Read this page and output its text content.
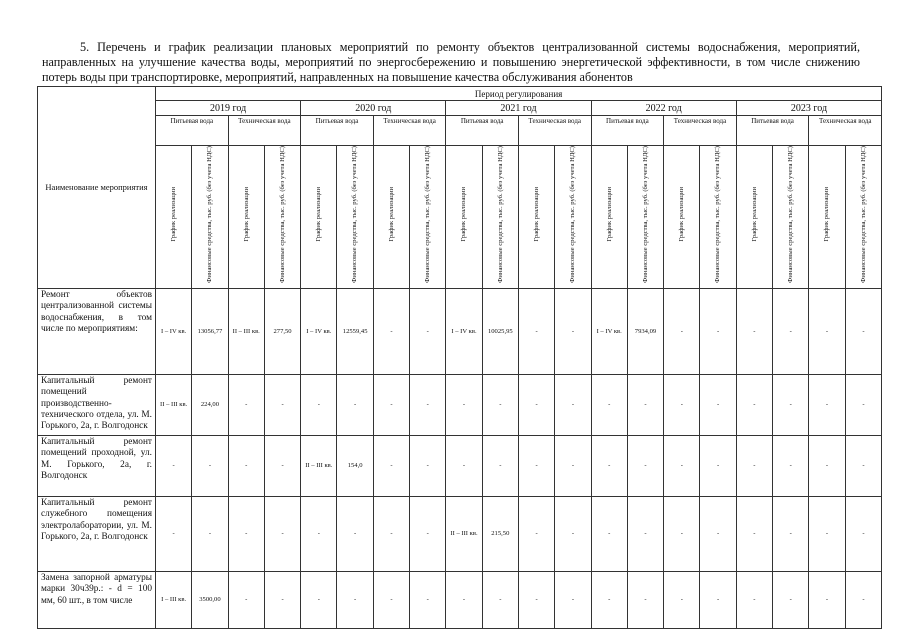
5. Перечень и график реализации плановых мероприятий по ремонту объектов централизованной системы водоснабжения, мероприятий, направленных на улучшение качества воды, мероприятий по энергосбережению и повышению энергетической эффективности, в том числе снижению потерь воды при транспортировке, мероприятий, направленных на повышение качества обслуживания абонентов
Наименование мероприятия	Период регулирования																			
	2019 год				2020 год				2021 год				2022 год				2023 год			
	Питьевая вода		Техническая вода		Питьевая вода		Техническая вода		Питьевая вода		Техническая вода		Питьевая вода		Техническая вода		Питьевая вода		Техническая вода	
	График реализации	Финансовые средства, тыс. руб. (без учета НДС)	График реализации	Финансовые средства, тыс. руб. (без учета НДС)	График реализации	Финансовые средства, тыс. руб. (без учета НДС)	График реализации	Финансовые средства, тыс. руб. (без учета НДС)	График реализации	Финансовые средства, тыс. руб. (без учета НДС)	График реализации	Финансовые средства, тыс. руб. (без учета НДС)	График реализации	Финансовые средства, тыс. руб. (без учета НДС)	График реализации	Финансовые средства, тыс. руб. (без учета НДС)	График реализации	Финансовые средства, тыс. руб. (без учета НДС)	График реализации	Финансовые средства, тыс. руб. (без учета НДС)
Ремонт объектов централизованной системы водоснабжения, в том числе по мероприятиям:	I – IV кв.	13056,77	II – III кв.	277,50	I – IV кв.	12559,45	-	-	I – IV кв.	10025,95	-	-	I – IV кв.	7934,09	-	-	-	-	-	-
Капитальный ремонт помещений производственно-технического отдела, ул. М. Горького, 2а, г. Волгодонск	II – III кв.	224,00	-	-	-	-	-	-	-	-	-	-	-	-	-	-	-	-	-	-
Капитальный ремонт помещений проходной, ул. М. Горького, 2а, г. Волгодонск	-	-	-	-	II – III кв.	154,0	-	-	-	-	-	-	-	-	-	-	-	-	-	-
Капитальный ремонт служебного помещения электролаборатории, ул. М. Горького, 2а, г. Волгодонск	-	-	-	-	-	-	-	-	II – III кв.	215,50	-	-	-	-	-	-	-	-	-	-
Замена запорной арматуры марки 30ч39р.: - d = 100 мм, 60 шт., в том числе	I – III кв.	3500,00	-	-	-	-	-	-	-	-	-	-	-	-	-	-	-	-	-	-
